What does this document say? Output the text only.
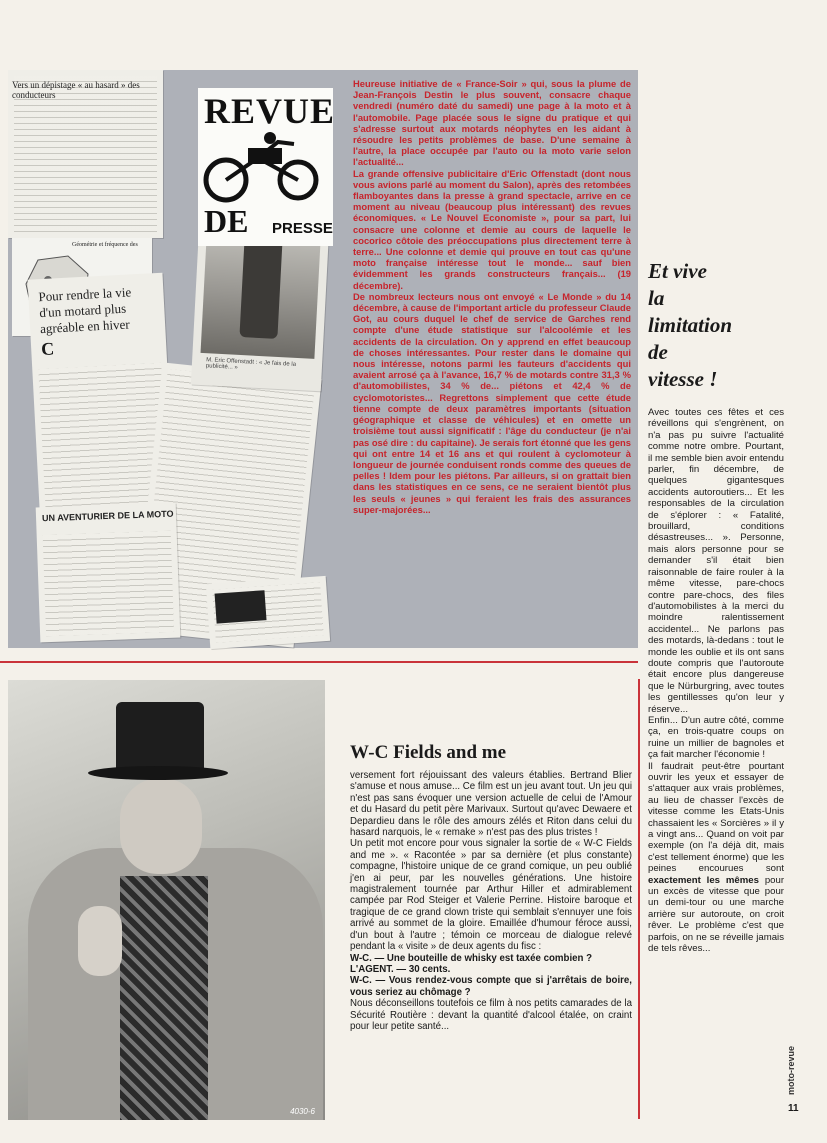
Vers un dépistage « au hasard » des conducteurs
Géométrie et fréquence des
Pour rendre la vie d'un motard plus agréable en hiver
C
UN AVENTURIER DE LA MOTO
M. Eric Offenstadt : « Je fais de la publicité... »
REVUE
DE PRESSE

Heureuse initiative de « France-Soir » qui, sous la plume de Jean-François Destin le plus souvent, consacre chaque vendredi (numéro daté du samedi) une page à la moto et à l'automobile. Page placée sous le signe du pratique et qui s'adresse surtout aux motards néophytes en les aidant à résoudre les petits problèmes de base. D'une semaine à l'autre, la place occupée par l'auto ou la moto varie selon l'actualité...

La grande offensive publicitaire d'Eric Offenstadt (dont nous vous avions parlé au moment du Salon), après des retombées flamboyantes dans la presse à grand spectacle, arrive en ce moment au niveau (beaucoup plus intéressant) des revues économiques. « Le Nouvel Economiste », pour sa part, lui consacre une colonne et demie au cours de laquelle le cocorico côtoie des préoccupations plus directement terre à terre... Une colonne et demie qui prouve en tout cas qu'une moto française intéresse tout le monde... sauf bien évidemment les grands constructeurs français... (19 décembre).

De nombreux lecteurs nous ont envoyé « Le Monde » du 14 décembre, à cause de l'important article du professeur Claude Got, au cours duquel le chef de service de Garches rend compte d'une étude statistique sur l'alcoolémie et les accidents de la circulation. On y apprend en effet beaucoup de choses intéressantes. Pour rester dans le domaine qui nous intéresse, notons parmi les fauteurs d'accidents qui avaient arrosé ça à l'avance, 16,7 % de motards contre 31,3 % d'automobilistes, 34 % de... piétons et 42,4 % de cyclomotoristes... Regrettons simplement que cette étude tienne compte de deux paramètres importants (situation géographique et classe de véhicules) et en omette un troisième tout aussi significatif : l'âge du conducteur (je n'ai pas osé dire : du capitaine). Je serais fort étonné que les gens qui ont entre 14 et 16 ans et qui roulent à cyclomoteur à longueur de journée conduisent ronds comme des queues de pelles ! Idem pour les piétons. Par ailleurs, si on grattait bien dans les statistiques en ce sens, ce ne seraient bientôt plus les seuls « jeunes » qui feraient les frais des assurances super-majorées...

Et vive
la
limitation
de
vitesse !

Avec toutes ces fêtes et ces réveillons qui s'engrènent, on n'a pas pu suivre l'actualité comme notre ombre. Pourtant, il me semble bien avoir entendu parler, fin décembre, de quelques gigantesques accidents autoroutiers... Et les responsables de la circulation de s'éplorer : « Fatalité, brouillard, conditions désastreuses... ». Personne, mais alors personne pour se demander s'il était bien raisonnable de faire rouler à la même vitesse, pare-chocs contre pare-chocs, des files d'automobilistes à la merci du moindre ralentissement accidentel... Ne parlons pas des motards, là-dedans : tout le monde les oublie et ils ont sans doute compris que l'autoroute était encore plus dangereuse que le Nürburgring, avec toutes les gentillesses qu'on leur y réserve...

Enfin... D'un autre côté, comme ça, en trois-quatre coups on ruine un millier de bagnoles et ça fait marcher l'économie !

Il faudrait peut-être pourtant ouvrir les yeux et essayer de s'attaquer aux vrais problèmes, au lieu de chasser l'excès de vitesse comme les Etats-Unis chassaient les « Sorcières » il y a vingt ans... Quand on voit par exemple (on l'a déjà dit, mais c'est tellement énorme) que les peines encourues sont exactement les mêmes pour un excès de vitesse que pour un demi-tour ou une marche arrière sur autoroute, on croit rêver. Le problème c'est que parfois, on ne se réveille jamais de tels rêves...

moto-revue
11
4030-6
W-C Fields and me

versement fort réjouissant des valeurs établies. Bertrand Blier s'amuse et nous amuse... Ce film est un jeu avant tout. Un jeu qui n'est pas sans évoquer une version actuelle de celui de l'Amour et du Hasard du petit père Marivaux. Surtout qu'avec Dewaere et Depardieu dans le rôle des amours zélés et Riton dans celui du hasard narquois, le « remake » n'est pas des plus tristes !

Un petit mot encore pour vous signaler la sortie de « W-C Fields and me ». « Racontée » par sa dernière (et plus constante) compagne, l'histoire unique de ce grand comique, un peu oublié j'en ai peur, par les nouvelles générations. Une histoire magistralement tournée par Arthur Hiller et admirablement campée par Rod Steiger et Valerie Perrine. Histoire baroque et tragique de ce grand clown triste qui semblait s'ennuyer une fois arrivé au sommet de la gloire. Emaillée d'humour féroce aussi, d'un bout à l'autre ; témoin ce morceau de dialogue relevé pendant la « visite » de deux agents du fisc :

W-C. — Une bouteille de whisky est taxée combien ?

L'AGENT. — 30 cents.

W-C. — Vous rendez-vous compte que si j'arrêtais de boire, vous seriez au chômage ?

Nous déconseillons toutefois ce film à nos petits camarades de la Sécurité Routière : devant la quantité d'alcool étalée, on craint pour leur petite santé...
